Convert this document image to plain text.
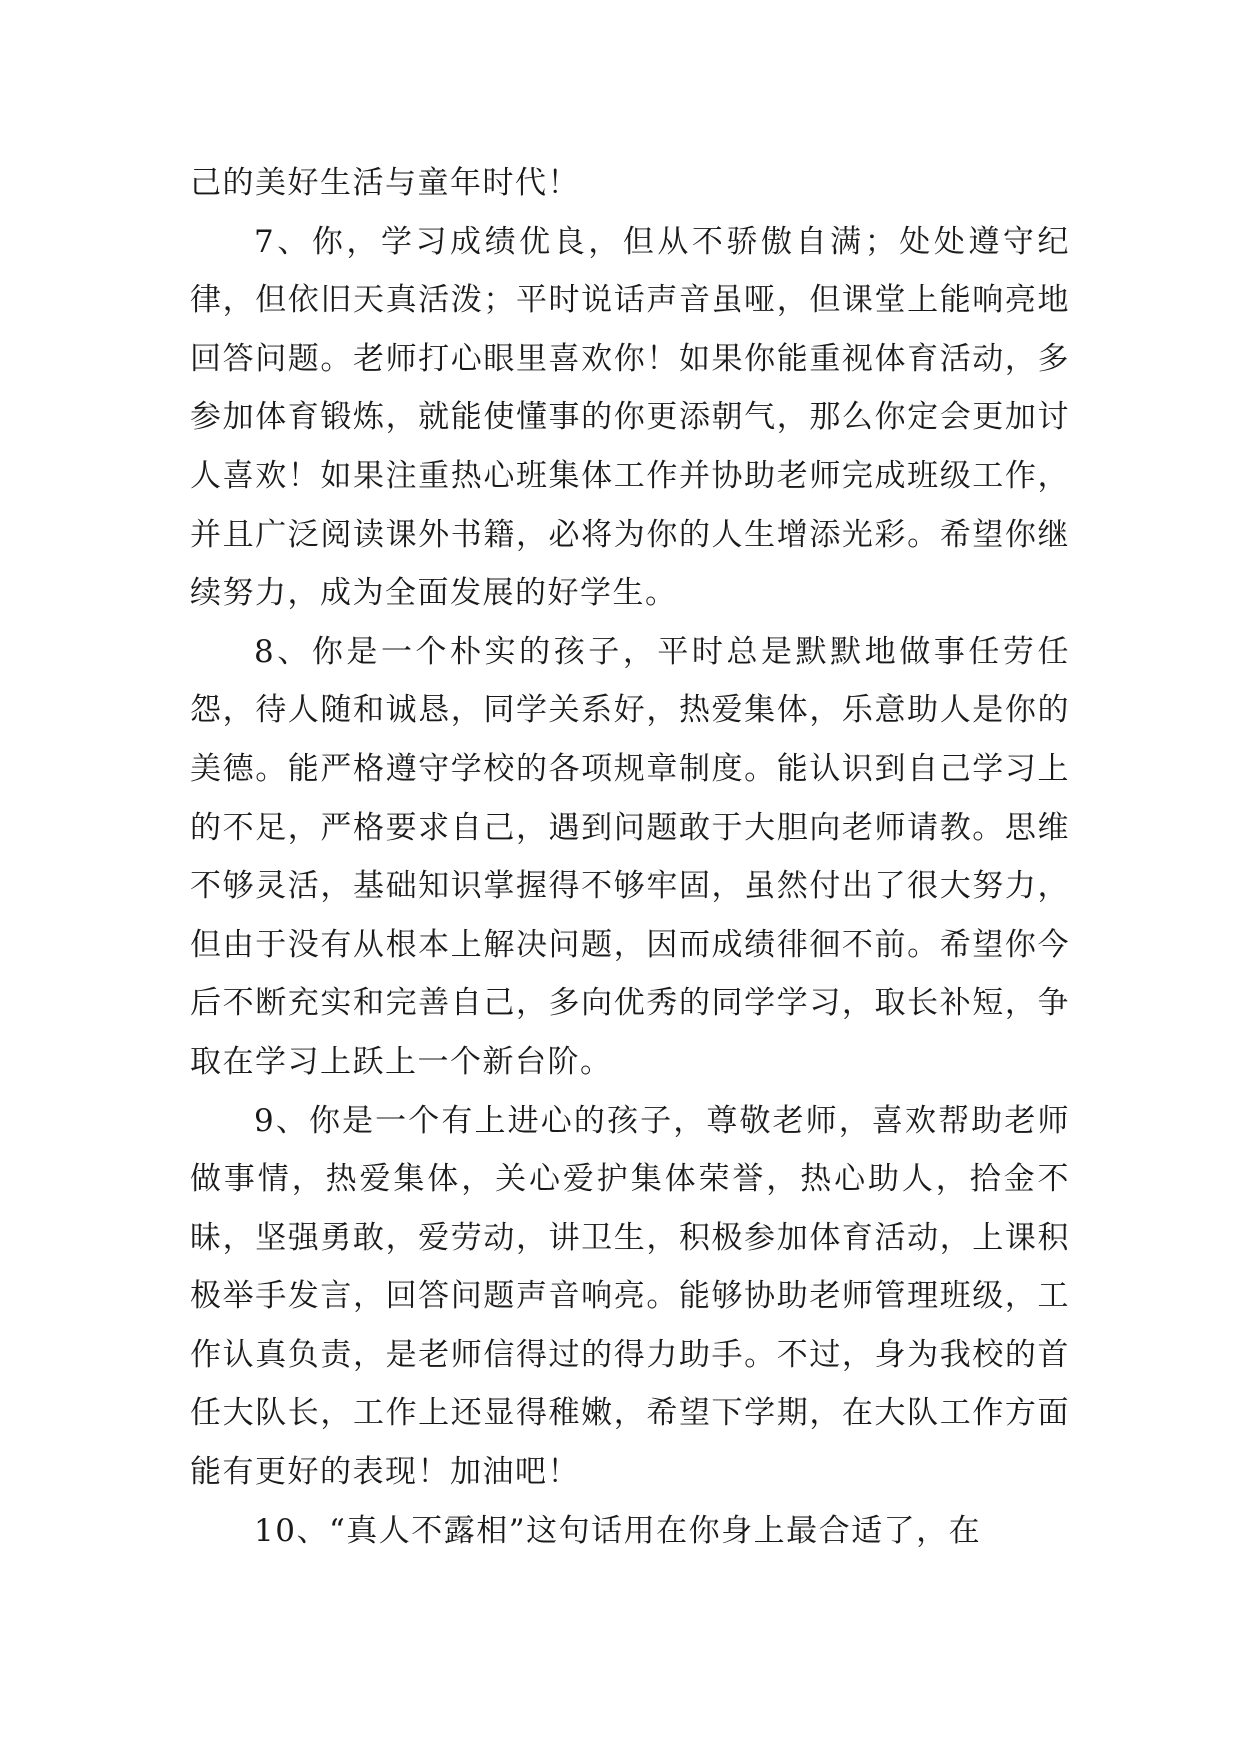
己的美好生活与童年时代！

7、你，学习成绩优良，但从不骄傲自满；处处遵守纪律，但依旧天真活泼；平时说话声音虽哑，但课堂上能响亮地回答问题。老师打心眼里喜欢你！如果你能重视体育活动，多参加体育锻炼，就能使懂事的你更添朝气，那么你定会更加讨人喜欢！如果注重热心班集体工作并协助老师完成班级工作，并且广泛阅读课外书籍，必将为你的人生增添光彩。希望你继续努力，成为全面发展的好学生。

8、你是一个朴实的孩子，平时总是默默地做事任劳任怨，待人随和诚恳，同学关系好，热爱集体，乐意助人是你的美德。能严格遵守学校的各项规章制度。能认识到自己学习上的不足，严格要求自己，遇到问题敢于大胆向老师请教。思维不够灵活，基础知识掌握得不够牢固，虽然付出了很大努力，但由于没有从根本上解决问题，因而成绩徘徊不前。希望你今后不断充实和完善自己，多向优秀的同学学习，取长补短，争取在学习上跃上一个新台阶。

9、你是一个有上进心的孩子，尊敬老师，喜欢帮助老师做事情，热爱集体，关心爱护集体荣誉，热心助人，拾金不昧，坚强勇敢，爱劳动，讲卫生，积极参加体育活动，上课积极举手发言，回答问题声音响亮。能够协助老师管理班级，工作认真负责，是老师信得过的得力助手。不过，身为我校的首任大队长，工作上还显得稚嫩，希望下学期，在大队工作方面能有更好的表现！加油吧！

10、“真人不露相”这句话用在你身上最合适了，在
